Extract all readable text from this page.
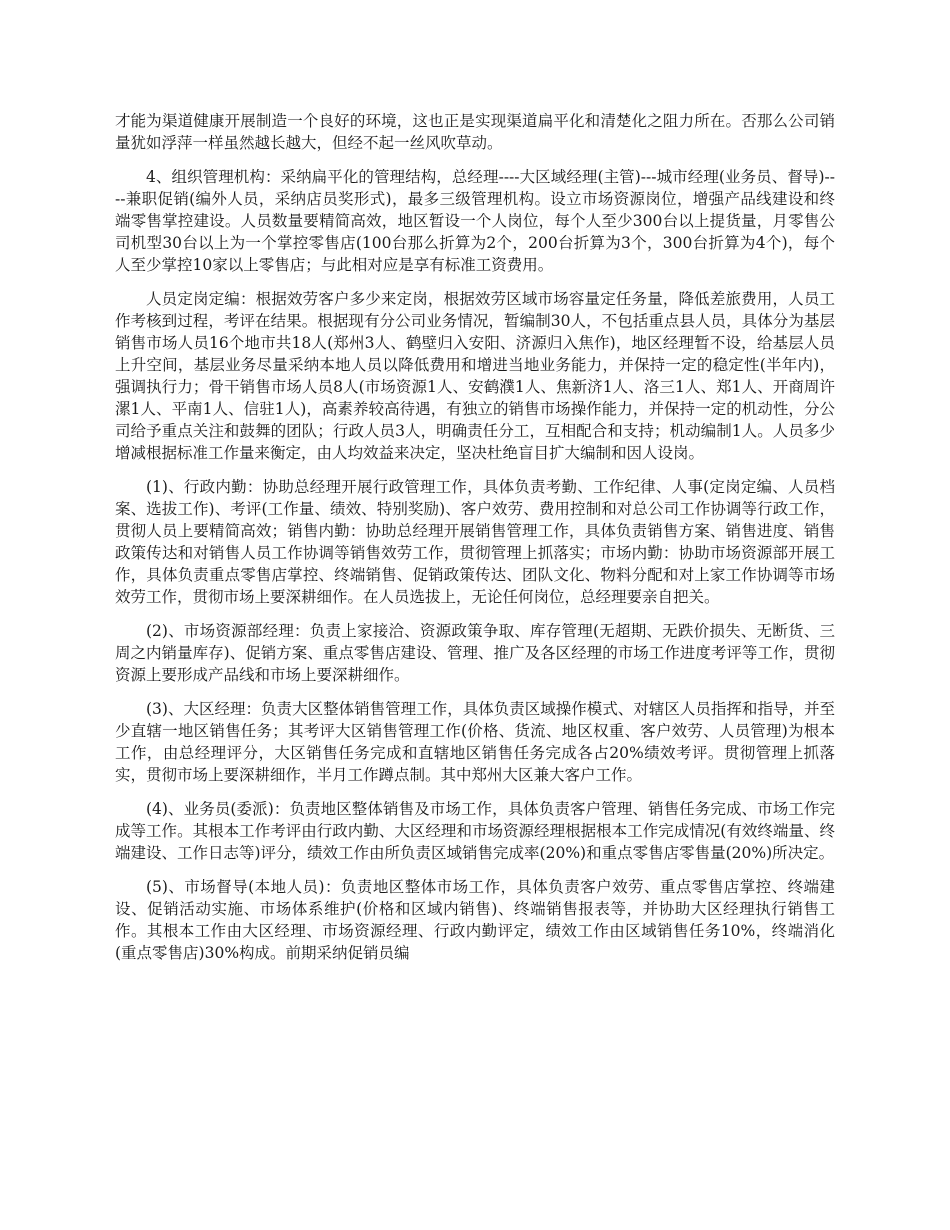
才能为渠道健康开展制造一个良好的环境，这也正是实现渠道扁平化和清楚化之阻力所在。否那么公司销量犹如浮萍一样虽然越长越大，但经不起一丝风吹草动。

4、组织管理机构：采纳扁平化的管理结构，总经理----大区域经理(主管)---城市经理(业务员、督导)----兼职促销(编外人员，采纳店员奖形式)，最多三级管理机构。设立市场资源岗位，增强产品线建设和终端零售掌控建设。人员数量要精简高效，地区暂设一个人岗位，每个人至少300台以上提货量，月零售公司机型30台以上为一个掌控零售店(100台那么折算为2个，200台折算为3个，300台折算为4个)，每个人至少掌控10家以上零售店；与此相对应是享有标准工资费用。

人员定岗定编：根据效劳客户多少来定岗，根据效劳区域市场容量定任务量，降低差旅费用，人员工作考核到过程，考评在结果。根据现有分公司业务情况，暂编制30人，不包括重点县人员，具体分为基层销售市场人员16个地市共18人(郑州3人、鹤壁归入安阳、济源归入焦作)，地区经理暂不设，给基层人员上升空间，基层业务尽量采纳本地人员以降低费用和增进当地业务能力，并保持一定的稳定性(半年内)，强调执行力；骨干销售市场人员8人(市场资源1人、安鹤濮1人、焦新济1人、洛三1人、郑1人、开商周许漯1人、平南1人、信驻1人)，高素养较高待遇，有独立的销售市场操作能力，并保持一定的机动性，分公司给予重点关注和鼓舞的团队；行政人员3人，明确责任分工，互相配合和支持；机动编制1人。人员多少增减根据标准工作量来衡定，由人均效益来决定，坚决杜绝盲目扩大编制和因人设岗。

(1)、行政内勤：协助总经理开展行政管理工作，具体负责考勤、工作纪律、人事(定岗定编、人员档案、选拔工作)、考评(工作量、绩效、特别奖励)、客户效劳、费用控制和对总公司工作协调等行政工作，贯彻人员上要精简高效；销售内勤：协助总经理开展销售管理工作，具体负责销售方案、销售进度、销售政策传达和对销售人员工作协调等销售效劳工作，贯彻管理上抓落实；市场内勤：协助市场资源部开展工作，具体负责重点零售店掌控、终端销售、促销政策传达、团队文化、物料分配和对上家工作协调等市场效劳工作，贯彻市场上要深耕细作。在人员选拔上，无论任何岗位，总经理要亲自把关。

(2)、市场资源部经理：负责上家接洽、资源政策争取、库存管理(无超期、无跌价损失、无断货、三周之内销量库存)、促销方案、重点零售店建设、管理、推广及各区经理的市场工作进度考评等工作，贯彻资源上要形成产品线和市场上要深耕细作。

(3)、大区经理：负责大区整体销售管理工作，具体负责区域操作模式、对辖区人员指挥和指导，并至少直辖一地区销售任务；其考评大区销售管理工作(价格、货流、地区权重、客户效劳、人员管理)为根本工作，由总经理评分，大区销售任务完成和直辖地区销售任务完成各占20%绩效考评。贯彻管理上抓落实，贯彻市场上要深耕细作，半月工作蹲点制。其中郑州大区兼大客户工作。

(4)、业务员(委派)：负责地区整体销售及市场工作，具体负责客户管理、销售任务完成、市场工作完成等工作。其根本工作考评由行政内勤、大区经理和市场资源经理根据根本工作完成情况(有效终端量、终端建设、工作日志等)评分，绩效工作由所负责区域销售完成率(20%)和重点零售店零售量(20%)所决定。

(5)、市场督导(本地人员)：负责地区整体市场工作，具体负责客户效劳、重点零售店掌控、终端建设、促销活动实施、市场体系维护(价格和区域内销售)、终端销售报表等，并协助大区经理执行销售工作。其根本工作由大区经理、市场资源经理、行政内勤评定，绩效工作由区域销售任务10%，终端消化(重点零售店)30%构成。前期采纳促销员编
